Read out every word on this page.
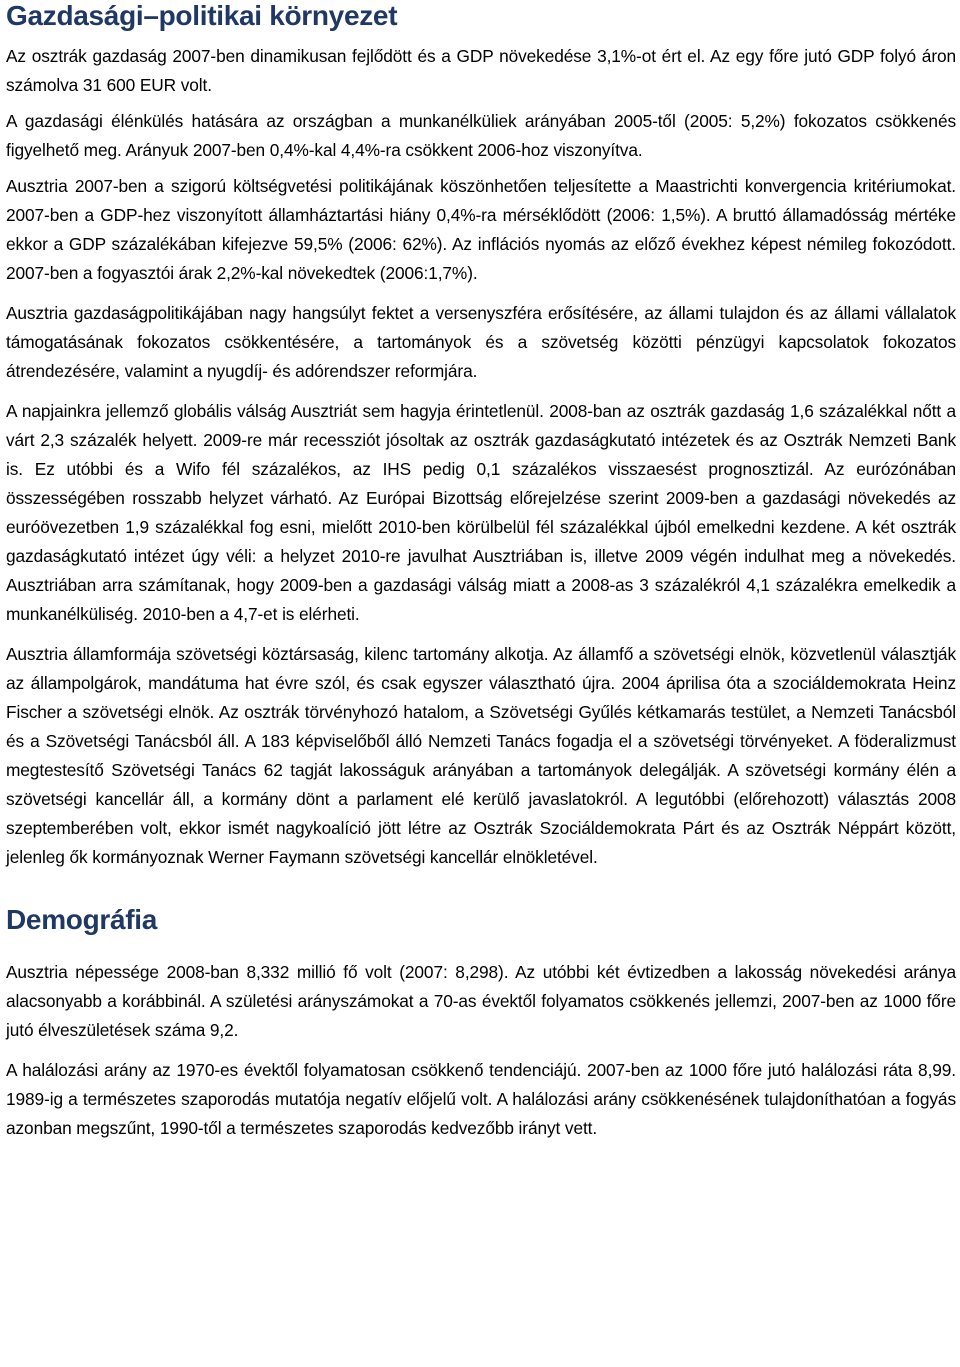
Gazdasági–politikai környezet

Az osztrák gazdaság 2007-ben dinamikusan fejlődött és a GDP növekedése 3,1%-ot ért el. Az egy főre jutó GDP folyó áron számolva 31 600 EUR volt.

A gazdasági élénkülés hatására az országban a munkanélküliek arányában 2005-től (2005: 5,2%) fokozatos csökkenés figyelhető meg. Arányuk 2007-ben 0,4%-kal 4,4%-ra csökkent 2006-hoz viszonyítva.

Ausztria 2007-ben a szigorú költségvetési politikájának köszönhetően teljesítette a Maastrichti konvergencia kritériumokat. 2007-ben a GDP-hez viszonyított államháztartási hiány 0,4%-ra mérséklődött (2006: 1,5%). A bruttó államadósság mértéke ekkor a GDP százalékában kifejezve 59,5% (2006: 62%). Az inflációs nyomás az előző évekhez képest némileg fokozódott. 2007-ben a fogyasztói árak 2,2%-kal növekedtek (2006:1,7%).

Ausztria gazdaságpolitikájában nagy hangsúlyt fektet a versenyszféra erősítésére, az állami tulajdon és az állami vállalatok támogatásának fokozatos csökkentésére, a tartományok és a szövetség közötti pénzügyi kapcsolatok fokozatos átrendezésére, valamint a nyugdíj- és adórendszer reformjára.

A napjainkra jellemző globális válság Ausztriát sem hagyja érintetlenül. 2008-ban az osztrák gazdaság 1,6 százalékkal nőtt a várt 2,3 százalék helyett. 2009-re már recessziót jósoltak az osztrák gazdaságkutató intézetek és az Osztrák Nemzeti Bank is. Ez utóbbi és a Wifo fél százalékos, az IHS pedig 0,1 százalékos visszaesést prognosztizál. Az eurózónában összességében rosszabb helyzet várható. Az Európai Bizottság előrejelzése szerint 2009-ben a gazdasági növekedés az euróövezetben 1,9 százalékkal fog esni, mielőtt 2010-ben körülbelül fél százalékkal újból emelkedni kezdene. A két osztrák gazdaságkutató intézet úgy véli: a helyzet 2010-re javulhat Ausztriában is, illetve 2009 végén indulhat meg a növekedés. Ausztriában arra számítanak, hogy 2009-ben a gazdasági válság miatt a 2008-as 3 százalékról 4,1 százalékra emelkedik a munkanélküliség. 2010-ben a 4,7-et is elérheti.

Ausztria államformája szövetségi köztársaság, kilenc tartomány alkotja. Az államfő a szövetségi elnök, közvetlenül választják az állampolgárok, mandátuma hat évre szól, és csak egyszer választható újra. 2004 áprilisa óta a szociáldemokrata Heinz Fischer a szövetségi elnök. Az osztrák törvényhozó hatalom, a Szövetségi Gyűlés kétkamarás testület, a Nemzeti Tanácsból és a Szövetségi Tanácsból áll. A 183 képviselőből álló Nemzeti Tanács fogadja el a szövetségi törvényeket. A föderalizmust megtestesítő Szövetségi Tanács 62 tagját lakosságuk arányában a tartományok delegálják. A szövetségi kormány élén a szövetségi kancellár áll, a kormány dönt a parlament elé kerülő javaslatokról. A legutóbbi (előrehozott) választás 2008 szeptemberében volt, ekkor ismét nagykoalíció jött létre az Osztrák Szociáldemokrata Párt és az Osztrák Néppárt között, jelenleg ők kormányoznak Werner Faymann szövetségi kancellár elnökletével.

Demográfia

Ausztria népessége 2008-ban 8,332 millió fő volt (2007: 8,298). Az utóbbi két évtizedben a lakosság növekedési aránya alacsonyabb a korábbinál. A születési arányszámokat a 70-as évektől folyamatos csökkenés jellemzi, 2007-ben az 1000 főre jutó élveszületések száma 9,2.

A halálozási arány az 1970-es évektől folyamatosan csökkenő tendenciájú. 2007-ben az 1000 főre jutó halálozási ráta 8,99. 1989-ig a természetes szaporodás mutatója negatív előjelű volt. A halálozási arány csökkenésének tulajdoníthatóan a fogyás azonban megszűnt, 1990-től a természetes szaporodás kedvezőbb irányt vett.
